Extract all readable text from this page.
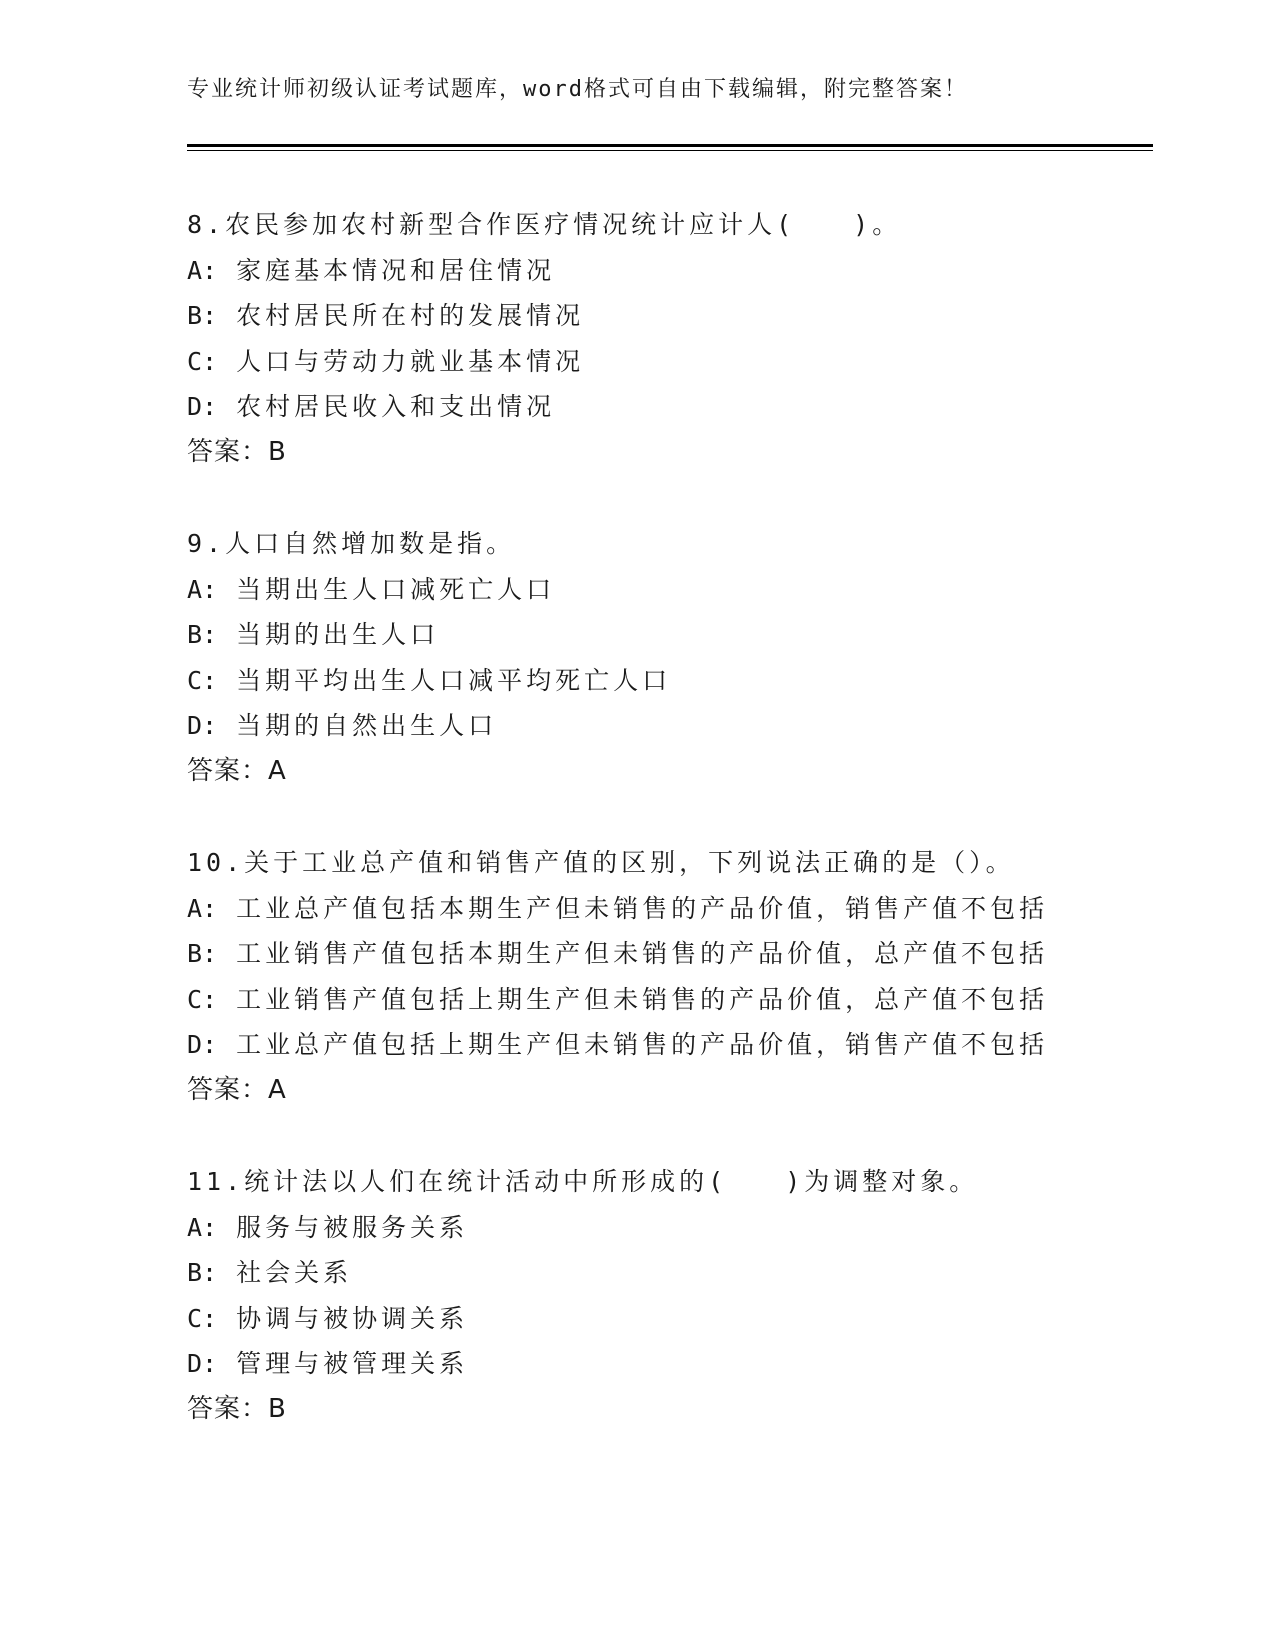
专业统计师初级认证考试题库，word格式可自由下载编辑，附完整答案！
8.农民参加农村新型合作医疗情况统计应计人(　　)。
A: 家庭基本情况和居住情况
B: 农村居民所在村的发展情况
C: 人口与劳动力就业基本情况
D: 农村居民收入和支出情况
答案：B
9.人口自然增加数是指。
A: 当期出生人口减死亡人口
B: 当期的出生人口
C: 当期平均出生人口减平均死亡人口
D: 当期的自然出生人口
答案：A
10.关于工业总产值和销售产值的区别，下列说法正确的是（）。
A: 工业总产值包括本期生产但未销售的产品价值，销售产值不包括
B: 工业销售产值包括本期生产但未销售的产品价值，总产值不包括
C: 工业销售产值包括上期生产但未销售的产品价值，总产值不包括
D: 工业总产值包括上期生产但未销售的产品价值，销售产值不包括
答案：A
11.统计法以人们在统计活动中所形成的(　　)为调整对象。
A: 服务与被服务关系
B: 社会关系
C: 协调与被协调关系
D: 管理与被管理关系
答案：B
